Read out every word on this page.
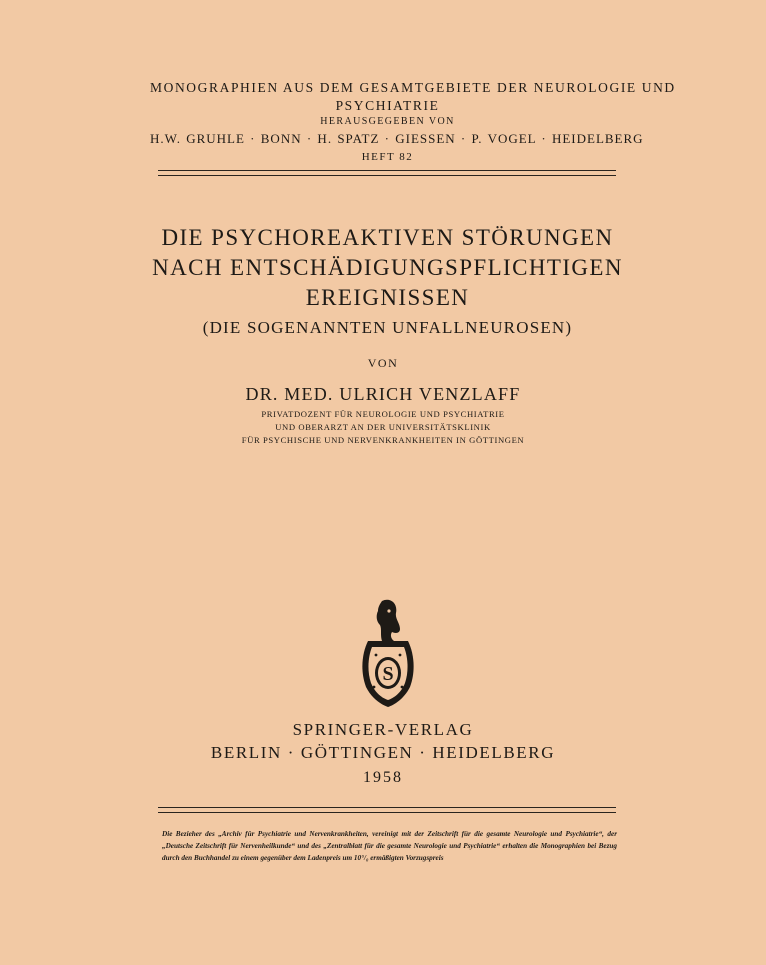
MONOGRAPHIEN AUS DEM GESAMTGEBIETE DER NEUROLOGIE UND
PSYCHIATRIE
HERAUSGEGEBEN VON
H.W. GRUHLE · BONN · H. SPATZ · GIESSEN · P. VOGEL · HEIDELBERG
HEFT 82
DIE PSYCHOREAKTIVEN STÖRUNGEN
NACH ENTSCHÄDIGUNGSPFLICHTIGEN
EREIGNISSEN
(DIE SOGENANNTEN UNFALLNEUROSEN)
VON
DR. MED. ULRICH VENZLAFF
PRIVATDOZENT FÜR NEUROLOGIE UND PSYCHIATRIE
UND OBERARZT AN DER UNIVERSITÄTSKLINIK
FÜR PSYCHISCHE UND NERVENKRANKHEITEN IN GÖTTINGEN
S
SPRINGER-VERLAG
BERLIN · GÖTTINGEN · HEIDELBERG
1958
Die Bezieher des „Archiv für Psychiatrie und Nervenkrankheiten, vereinigt mit der Zeitschrift für die gesamte Neurologie und Psychiatrie“, der „Deutsche Zeitschrift für Nervenheilkunde“ und des „Zentralblatt für die gesamte Neurologie und Psychiatrie“ erhalten die Monographien bei Bezug durch den Buchhandel zu einem gegenüber dem Ladenpreis um 10°/₀ ermäßigten Vorzugspreis
